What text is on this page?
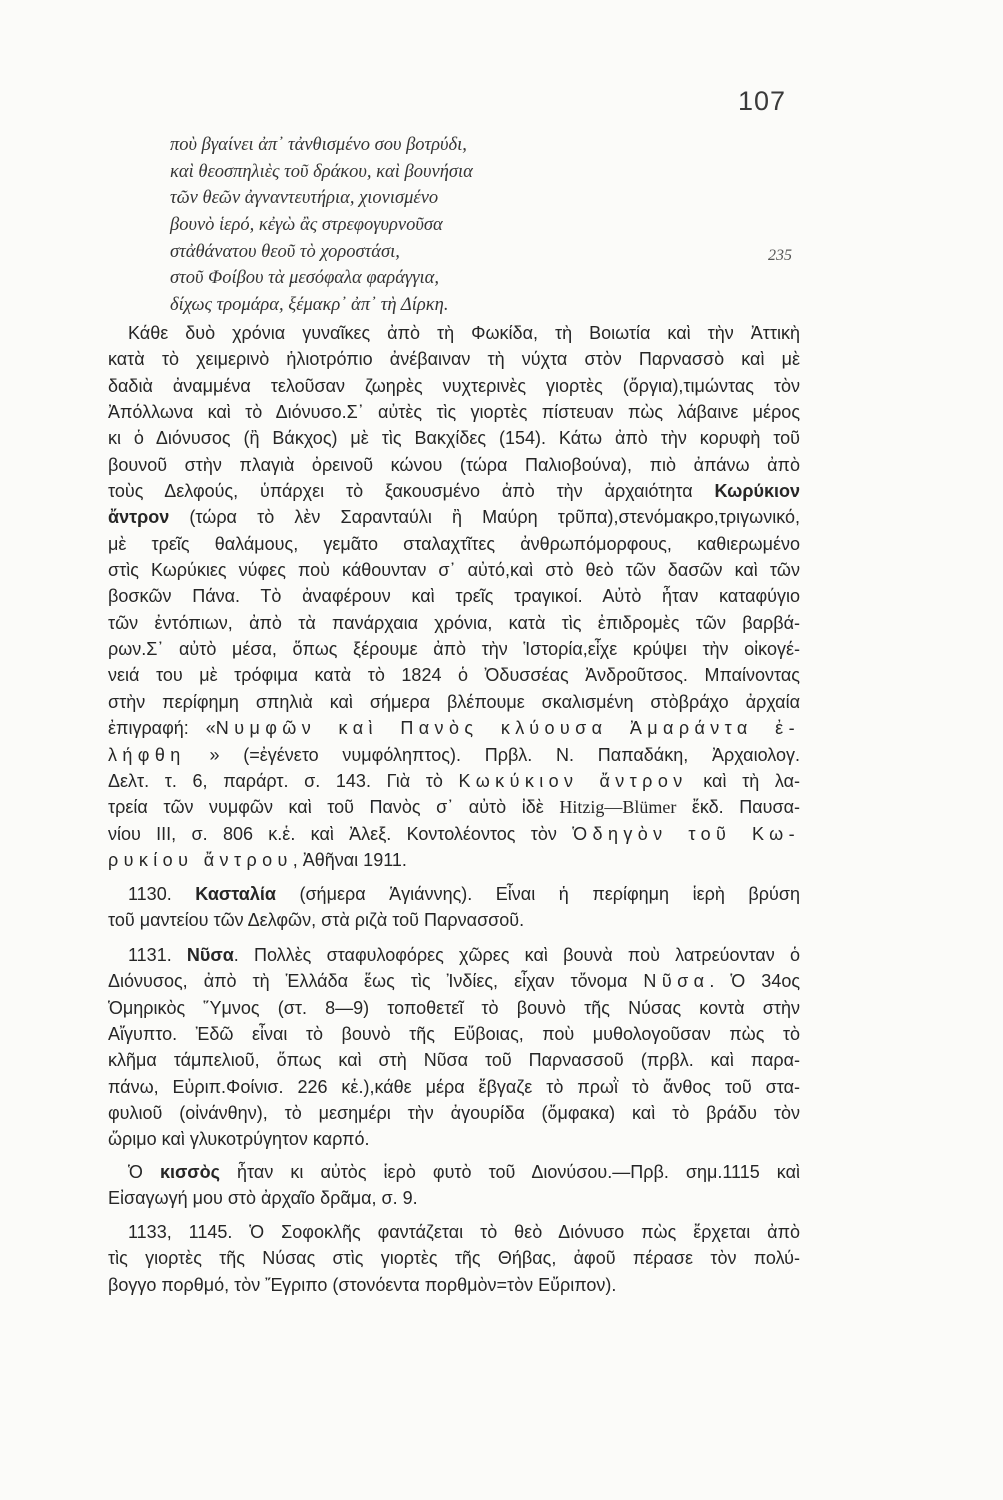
107
ποὺ βγαίνει ἀπ᾿ τἀνθισμένο σου βοτρύδι,
καὶ θεοσπηλιὲς τοῦ δράκου, καὶ βουνήσια
τῶν θεῶν ἀγναντευτήρια, χιονισμένο
βουνὸ ἱερό, κἐγὼ ἂς στρεφογυρνοῦσα
στἀθάνατου θεοῦ τὸ χοροστάσι,
στοῦ Φοίβου τὰ μεσόφαλα φαράγγια,
δίχως τρομάρα, ξέμακρ᾿ ἀπ᾿ τὴ Δίρκη.
235
Κάθε δυὸ χρόνια γυναῖκες ἀπὸ τὴ Φωκίδα, τὴ Βοιωτία καὶ τὴν Ἀττικὴ
κατὰ τὸ χειμερινὸ ἡλιοτρόπιο ἀνέβαιναν τὴ νύχτα στὸν Παρνασσὸ καὶ μὲ
δαδιὰ ἀναμμένα τελοῦσαν ζωηρὲς νυχτερινὲς γιορτὲς (ὄργια),τιμώντας τὸν
Ἀπόλλωνα καὶ τὸ Διόνυσο.Σ᾿ αὐτὲς τὶς γιορτὲς πίστευαν πὼς λάβαινε μέρος
κι ὁ Διόνυσος (ἢ Βάκχος) μὲ τὶς Βακχίδες (154). Κάτω ἀπὸ τὴν κορυφὴ τοῦ
βουνοῦ στὴν πλαγιὰ ὀρεινοῦ κώνου (τώρα Παλιοβούνα), πιὸ ἀπάνω ἀπὸ
τοὺς Δελφούς, ὑπάρχει τὸ ξακουσμένο ἀπὸ τὴν ἀρχαιότητα Κωρύκιον
ἄντρον (τώρα τὸ λὲν Σαρανταύλι ἢ Μαύρη τρῦπα),στενόμακρο,τριγωνικό,
μὲ τρεῖς θαλάμους, γεμᾶτο σταλαχτῖτες ἀνθρωπόμορφους, καθιερωμένο
στὶς Κωρύκιες νύφες ποὺ κάθουνταν σ᾿ αὐτό,καὶ στὸ θεὸ τῶν δασῶν καὶ τῶν
βοσκῶν Πάνα. Τὸ ἀναφέρουν καὶ τρεῖς τραγικοί. Αὐτὸ ἦταν καταφύγιο
τῶν ἐντόπιων, ἀπὸ τὰ πανάρχαια χρόνια, κατὰ τὶς ἐπιδρομὲς τῶν βαρβά-
ρων.Σ᾿ αὐτὸ μέσα, ὅπως ξέρουμε ἀπὸ τὴν Ἱστορία,εἶχε κρύψει τὴν οἰκογέ-
νειά του μὲ τρόφιμα κατὰ τὸ 1824 ὁ Ὀδυσσέας Ἀνδροῦτσος. Μπαίνοντας
στὴν περίφημη σπηλιὰ καὶ σήμερα βλέπουμε σκαλισμένη στὸβράχο ἀρχαία
ἐπιγραφή: «Νυμφῶν καὶ Πανὸς κλύουσα Ἀμαράντα ἐ-
λήφθη » (=ἐγένετο νυμφόληπτος). Πρβλ. Ν. Παπαδάκη, Ἀρχαιολογ.
Δελτ. τ. 6, παράρτ. σ. 143. Γιὰ τὸ Κωκύκιον ἄντρον καὶ τὴ λα-
τρεία τῶν νυμφῶν καὶ τοῦ Πανὸς σ᾿ αὐτὸ ἰδὲ Hitzig—Blümer ἔκδ. Παυσα-
νίου ΙΙΙ, σ. 806 κ.ἑ. καὶ Ἀλεξ. Κοντολέοντος τὸν Ὁδηγὸν τοῦ Κω-
ρυκίου ἄντρου, Ἀθῆναι 1911.
1130. Κασταλία (σήμερα Ἁγιάννης). Εἶναι ἡ περίφημη ἱερὴ βρύση
τοῦ μαντείου τῶν Δελφῶν, στὰ ριζὰ τοῦ Παρνασσοῦ.
1131. Νῦσα. Πολλὲς σταφυλοφόρες χῶρες καὶ βουνὰ ποὺ λατρεύονταν ὁ
Διόνυσος, ἀπὸ τὴ Ἑλλάδα ἕως τὶς Ἰνδίες, εἶχαν τὄνομα Νῦσα. Ὁ 34ος
Ὁμηρικὸς Ὕμνος (στ. 8—9) τοποθετεῖ τὸ βουνὸ τῆς Νύσας κοντὰ στὴν
Αἴγυπτο. Ἐδῶ εἶναι τὸ βουνὸ τῆς Εὔβοιας, ποὺ μυθολογοῦσαν πὼς τὸ
κλῆμα τάμπελιοῦ, ὅπως καὶ στὴ Νῦσα τοῦ Παρνασσοῦ (πρβλ. καὶ παρα-
πάνω, Εὐριπ.Φοίνισ. 226 κἑ.),κάθε μέρα ἔβγαζε τὸ πρωῒ τὸ ἄνθος τοῦ στα-
φυλιοῦ (οἰνάνθην), τὸ μεσημέρι τὴν ἀγουρίδα (ὄμφακα) καὶ τὸ βράδυ τὸν
ὥριμο καὶ γλυκοτρύγητον καρπό.
Ὁ κισσὸς ἦταν κι αὐτὸς ἱερὸ φυτὸ τοῦ Διονύσου.—Πρβ. σημ.1115 καὶ
Εἰσαγωγή μου στὸ ἀρχαῖο δρᾶμα, σ. 9.
1133, 1145. Ὁ Σοφοκλῆς φαντάζεται τὸ θεὸ Διόνυσο πὼς ἔρχεται ἀπὸ
τὶς γιορτὲς τῆς Νύσας στὶς γιορτὲς τῆς Θήβας, ἀφοῦ πέρασε τὸν πολύ-
βογγο πορθμό, τὸν Ἔγριπο (στονόεντα πορθμὸν=τὸν Εὔριπον).
